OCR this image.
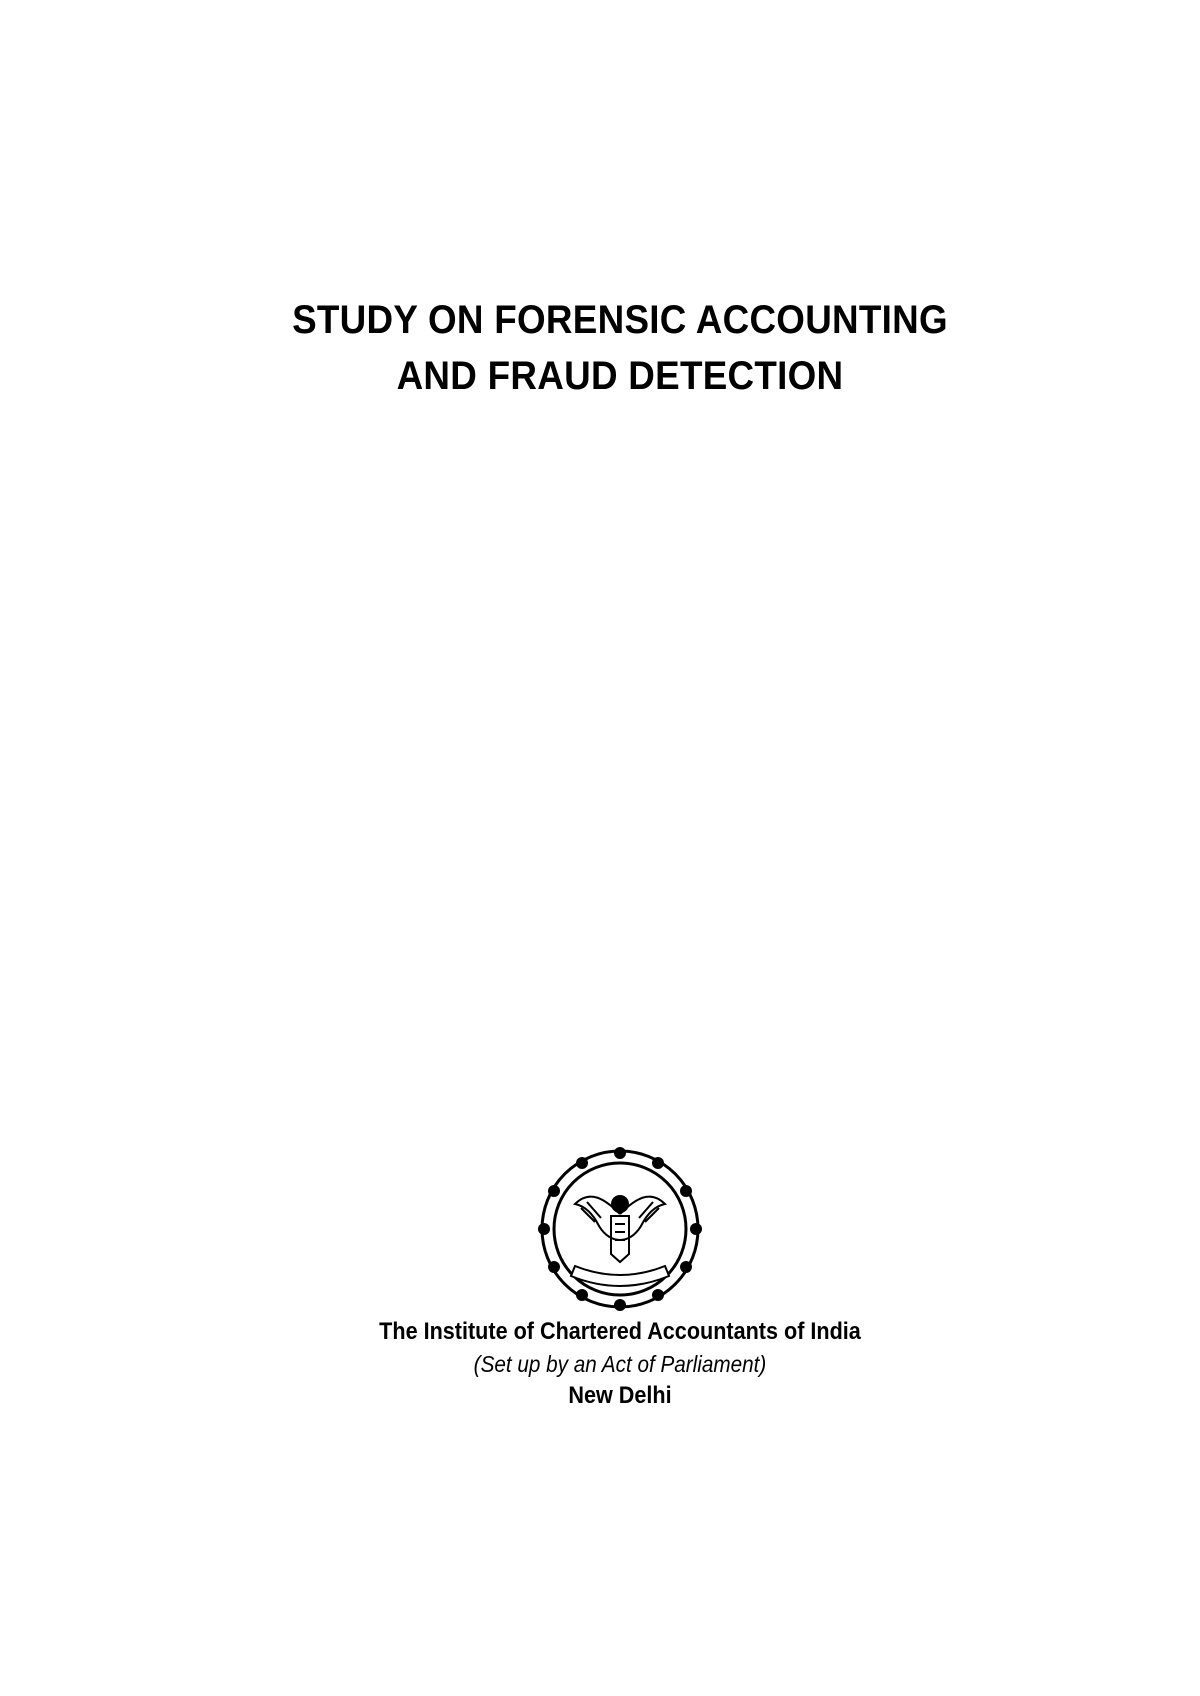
STUDY ON FORENSIC ACCOUNTING
AND FRAUD DETECTION
The Institute of Chartered Accountants of India
(Set up by an Act of Parliament)
New Delhi
